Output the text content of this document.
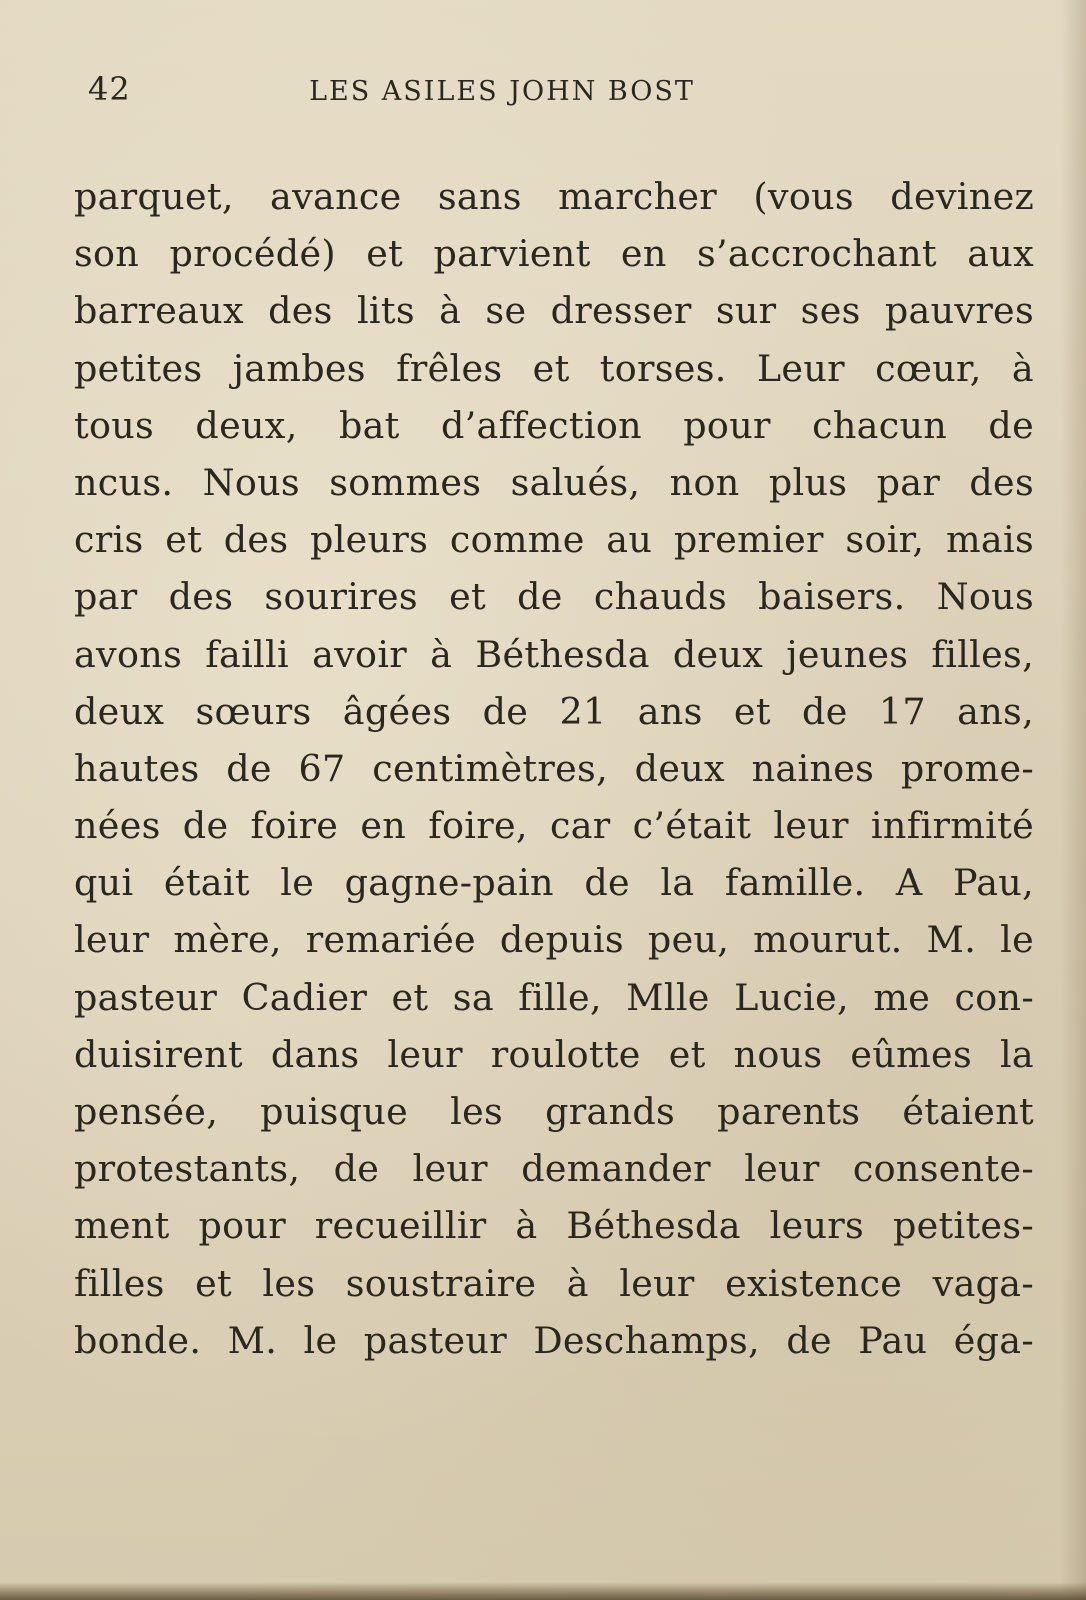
42	LES ASILES JOHN BOST
parquet, avance sans marcher (vous devinez
son procédé) et parvient en s’accrochant aux
barreaux des lits à se dresser sur ses pauvres
petites jambes frêles et torses. Leur cœur, à
tous deux, bat d’affection pour chacun de
ncus. Nous sommes salués, non plus par des
cris et des pleurs comme au premier soir, mais
par des sourires et de chauds baisers. Nous
avons failli avoir à Béthesda deux jeunes filles,
deux sœurs âgées de 21 ans et de 17 ans,
hautes de 67 centimètres, deux naines prome-
nées de foire en foire, car c’était leur infirmité
qui était le gagne-pain de la famille. A Pau,
leur mère, remariée depuis peu, mourut. M. le
pasteur Cadier et sa fille, Mlle Lucie, me con-
duisirent dans leur roulotte et nous eûmes la
pensée, puisque les grands parents étaient
protestants, de leur demander leur consente-
ment pour recueillir à Béthesda leurs petites-
filles et les soustraire à leur existence vaga-
bonde. M. le pasteur Deschamps, de Pau éga-
